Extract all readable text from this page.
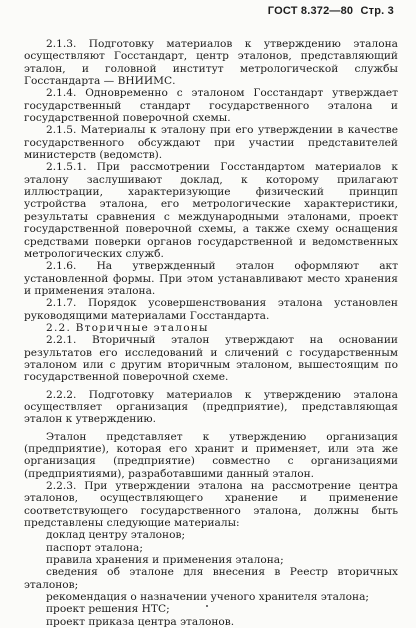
ГОСТ 8.372—80 Стр. 3

2.1.3. Подготовку материалов к утверждению эталона осуществляют Госстандарт, центр эталонов, представляющий эталон, и головной институт метрологической службы Госстандарта — ВНИИМС.

2.1.4. Одновременно с эталоном Госстандарт утверждает государственный стандарт государственного эталона и государственной поверочной схемы.

2.1.5. Материалы к эталону при его утверждении в качестве государственного обсуждают при участии представителей министерств (ведомств).

2.1.5.1. При рассмотрении Госстандартом материалов к эталону заслушивают доклад, к которому прилагают иллюстрации, характеризующие физический принцип устройства эталона, его метрологические характеристики, результаты сравнения с международными эталонами, проект государственной поверочной схемы, а также схему оснащения средствами поверки органов государственной и ведомственных метрологических служб.

2.1.6. На утвержденный эталон оформляют акт установленной формы. При этом устанавливают место хранения и применения эталона.

2.1.7. Порядок усовершенствования эталона установлен руководящими материалами Госстандарта.

2.2. Вторичные эталоны

2.2.1. Вторичный эталон утверждают на основании результатов его исследований и сличений с государственным эталоном или с другим вторичным эталоном, вышестоящим по государственной поверочной схеме.

2.2.2. Подготовку материалов к утверждению эталона осуществляет организация (предприятие), представляющая эталон к утверждению.

Эталон представляет к утверждению организация (предприятие), которая его хранит и применяет, или эта же организация (предприятие) совместно с организациями (предприятиями), разработавшими данный эталон.

2.2.3. При утверждении эталона на рассмотрение центра эталонов, осуществляющего хранение и применение соответствующего государственного эталона, должны быть представлены следующие материалы:

доклад центру эталонов;

паспорт эталона;

правила хранения и применения эталона;

сведения об эталоне для внесения в Реестр вторичных эталонов;

рекомендация о назначении ученого хранителя эталона;

проект решения НТС;

проект приказа центра эталонов.
